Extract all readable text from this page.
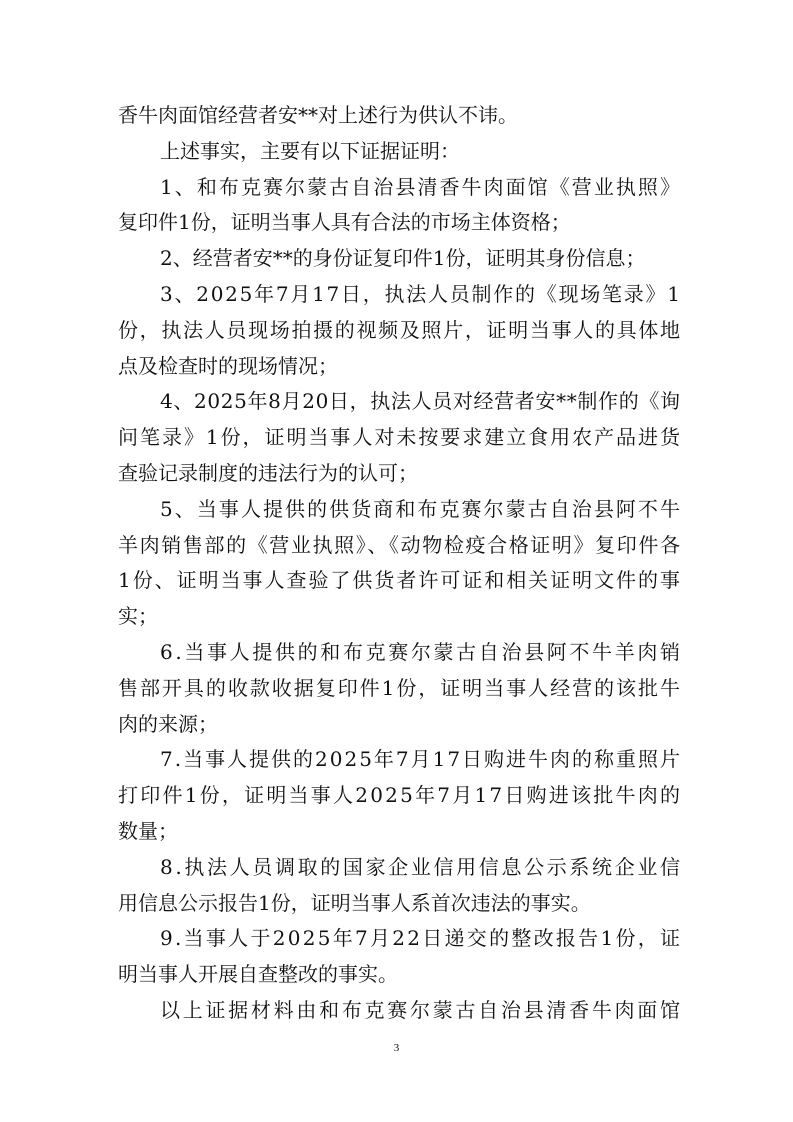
香牛肉面馆经营者安**对上述行为供认不讳。
上述事实，主要有以下证据证明：
1、和布克赛尔蒙古自治县清香牛肉面馆《营业执照》
复印件1份，证明当事人具有合法的市场主体资格；
2、经营者安**的身份证复印件1份，证明其身份信息；
3、2025年7月17日，执法人员制作的《现场笔录》1
份，执法人员现场拍摄的视频及照片，证明当事人的具体地
点及检查时的现场情况；
4、2025年8月20日，执法人员对经营者安**制作的《询
问笔录》1份，证明当事人对未按要求建立食用农产品进货
查验记录制度的违法行为的认可；
5、当事人提供的供货商和布克赛尔蒙古自治县阿不牛
羊肉销售部的《营业执照》、《动物检疫合格证明》复印件各
1份、证明当事人查验了供货者许可证和相关证明文件的事
实；
6.当事人提供的和布克赛尔蒙古自治县阿不牛羊肉销
售部开具的收款收据复印件1份，证明当事人经营的该批牛
肉的来源；
7.当事人提供的2025年7月17日购进牛肉的称重照片
打印件1份，证明当事人2025年7月17日购进该批牛肉的
数量；
8.执法人员调取的国家企业信用信息公示系统企业信
用信息公示报告1份，证明当事人系首次违法的事实。
9.当事人于2025年7月22日递交的整改报告1份，证
明当事人开展自查整改的事实。
以上证据材料由和布克赛尔蒙古自治县清香牛肉面馆
3
